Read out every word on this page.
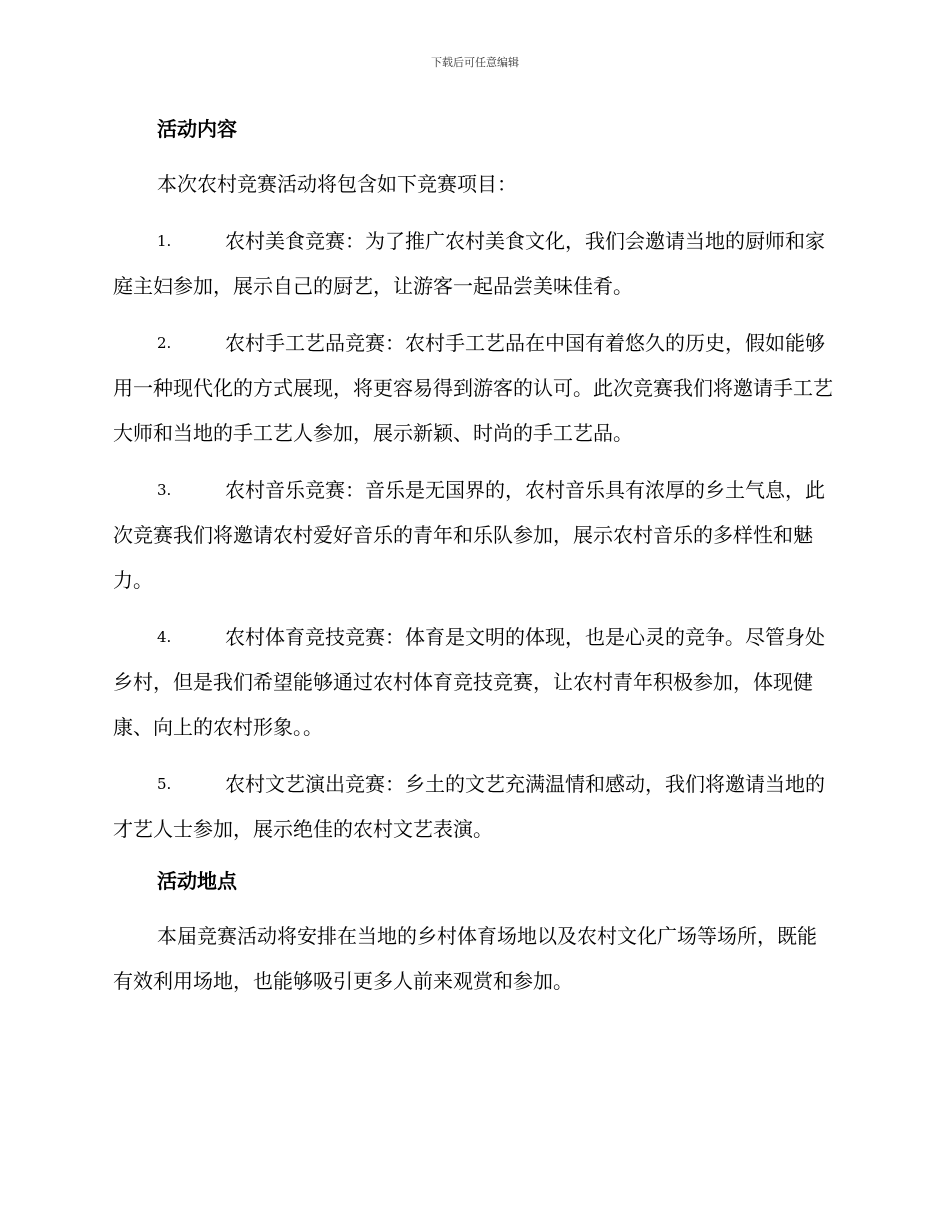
下载后可任意编辑
活动内容

本次农村竞赛活动将包含如下竞赛项目：

1.	农村美食竞赛：为了推广农村美食文化，我们会邀请当地的厨师和家庭主妇参加，展示自己的厨艺，让游客一起品尝美味佳肴。
2.	农村手工艺品竞赛：农村手工艺品在中国有着悠久的历史，假如能够用一种现代化的方式展现，将更容易得到游客的认可。此次竞赛我们将邀请手工艺大师和当地的手工艺人参加，展示新颖、时尚的手工艺品。
3.	农村音乐竞赛：音乐是无国界的，农村音乐具有浓厚的乡土气息，此次竞赛我们将邀请农村爱好音乐的青年和乐队参加，展示农村音乐的多样性和魅力。
4.	农村体育竞技竞赛：体育是文明的体现，也是心灵的竞争。尽管身处乡村，但是我们希望能够通过农村体育竞技竞赛，让农村青年积极参加，体现健康、向上的农村形象。。
5.	农村文艺演出竞赛：乡土的文艺充满温情和感动，我们将邀请当地的才艺人士参加，展示绝佳的农村文艺表演。
活动地点

本届竞赛活动将安排在当地的乡村体育场地以及农村文化广场等场所，既能有效利用场地，也能够吸引更多人前来观赏和参加。
